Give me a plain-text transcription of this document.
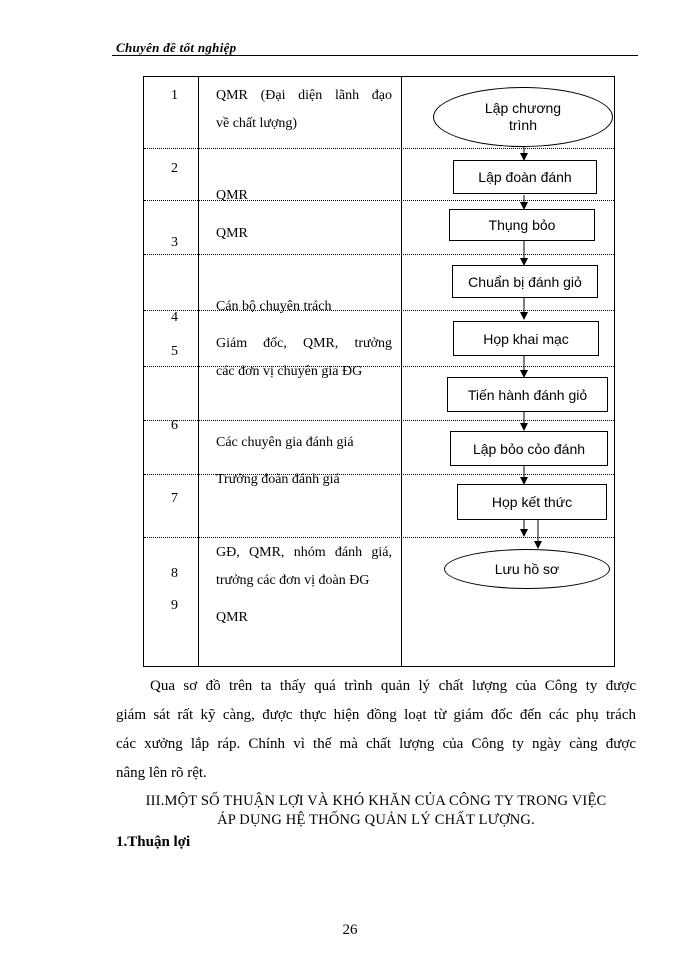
Chuyên đề tốt nghiệp
1
2
3
4
5
6
7
8
9
QMR (Đại diện lãnh đạo
về chất lượng)
QMR
QMR
Cán bộ chuyên trách
Giám đốc, QMR, trưởng
các đơn vị chuyên gia ĐG
Các chuyên gia đánh giá
Trưởng đoàn đánh giá
GĐ, QMR, nhóm đánh giá,
trưởng các đơn vị đoàn ĐG
QMR
Lập chương
trình
Lập đoàn đánh
Thụng bỏo
Chuẩn bị đánh giỏ
Họp khai mạc
Tiến hành đánh giỏ
Lập bỏo cỏo đánh
Họp kết thức
Lưu hồ sơ
Qua sơ đồ trên ta thấy quá trình quản lý chất lượng của Công ty được
giám sát rất kỹ càng, được thực hiện đồng loạt từ giám đốc đến các phụ trách
các xưởng lắp ráp. Chính vì thế mà chất lượng của Công ty ngày càng được
nâng lên rõ rệt.
III.MỘT SỐ THUẬN LỢI VÀ KHÓ KHĂN CỦA CÔNG TY TRONG VIỆC
ÁP DỤNG HỆ THỐNG QUẢN LÝ CHẤT LƯỢNG.
1.Thuận lợi
26
